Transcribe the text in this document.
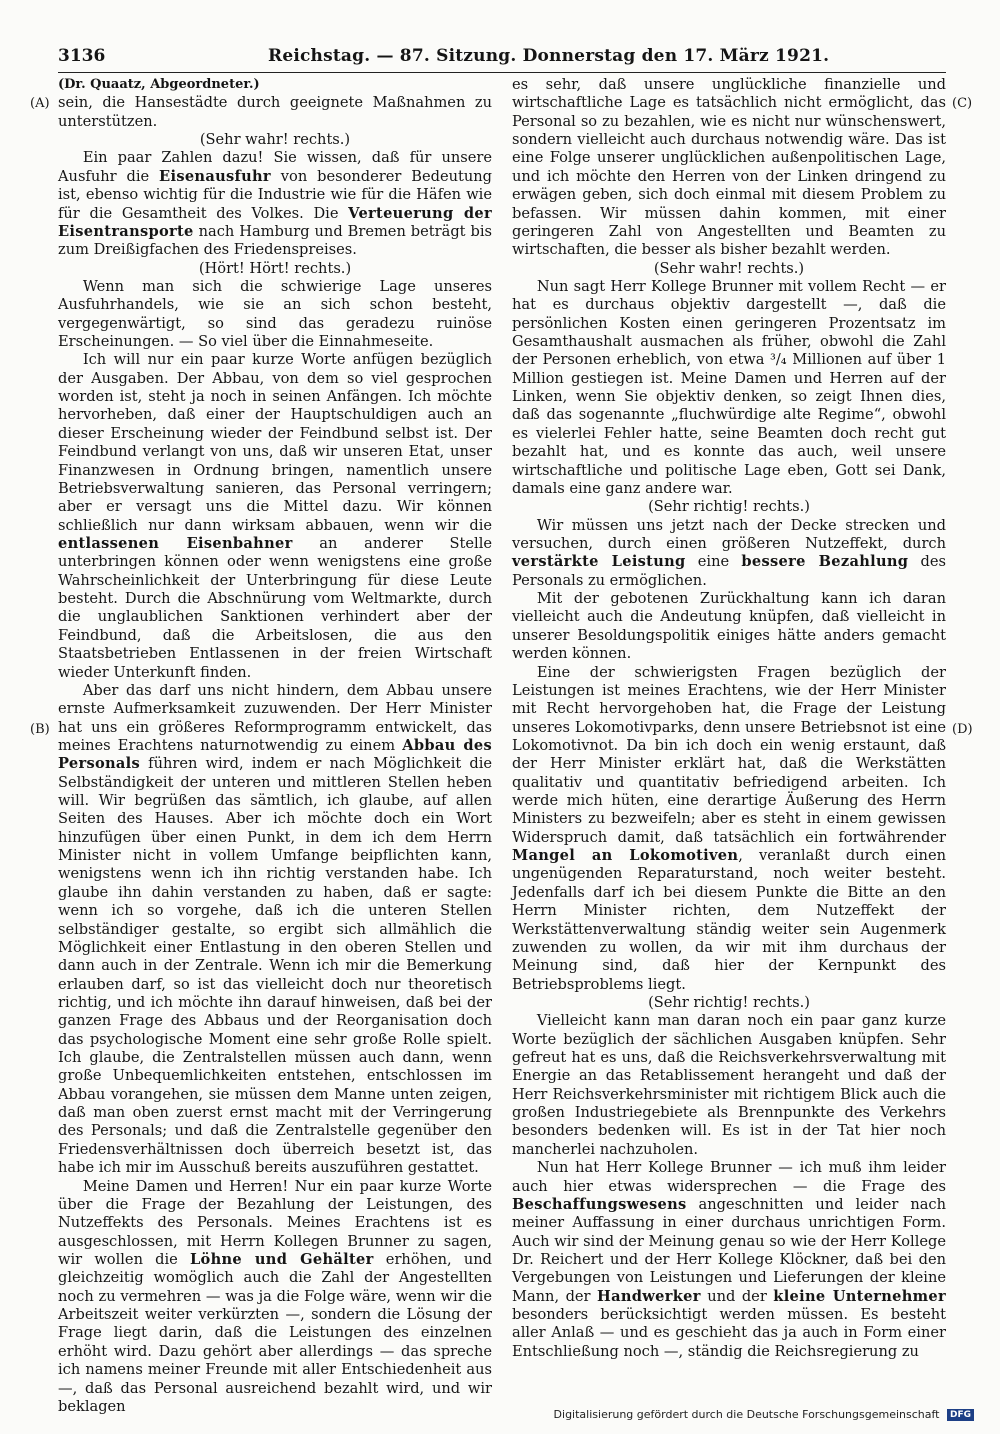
3136	Reichstag. — 87. Sitzung. Donnerstag den 17. März 1921.
(A)
(B)
(C)
(D)

(Dr. Quaatz, Abgeordneter.)

sein, die Hansestädte durch geeignete Maßnahmen zu unterstützen.

(Sehr wahr! rechts.)

Ein paar Zahlen dazu! Sie wissen, daß für unsere Ausfuhr die Eisenausfuhr von besonderer Bedeutung ist, ebenso wichtig für die Industrie wie für die Häfen wie für die Gesamtheit des Volkes. Die Verteuerung der Eisentransporte nach Hamburg und Bremen beträgt bis zum Dreißigfachen des Friedenspreises.

(Hört! Hört! rechts.)

Wenn man sich die schwierige Lage unseres Ausfuhrhandels, wie sie an sich schon besteht, vergegenwärtigt, so sind das geradezu ruinöse Erscheinungen. — So viel über die Einnahmeseite.

Ich will nur ein paar kurze Worte anfügen bezüglich der Ausgaben. Der Abbau, von dem so viel gesprochen worden ist, steht ja noch in seinen Anfängen. Ich möchte hervorheben, daß einer der Hauptschuldigen auch an dieser Erscheinung wieder der Feindbund selbst ist. Der Feindbund verlangt von uns, daß wir unseren Etat, unser Finanzwesen in Ordnung bringen, namentlich unsere Betriebsverwaltung sanieren, das Personal verringern; aber er versagt uns die Mittel dazu. Wir können schließlich nur dann wirksam abbauen, wenn wir die entlassenen Eisenbahner an anderer Stelle unterbringen können oder wenn wenigstens eine große Wahrscheinlichkeit der Unterbringung für diese Leute besteht. Durch die Abschnürung vom Weltmarkte, durch die unglaublichen Sanktionen verhindert aber der Feindbund, daß die Arbeitslosen, die aus den Staatsbetrieben Entlassenen in der freien Wirtschaft wieder Unterkunft finden.

Aber das darf uns nicht hindern, dem Abbau unsere ernste Aufmerksamkeit zuzuwenden. Der Herr Minister hat uns ein größeres Reformprogramm entwickelt, das meines Erachtens naturnotwendig zu einem Abbau des Personals führen wird, indem er nach Möglichkeit die Selbständigkeit der unteren und mittleren Stellen heben will. Wir begrüßen das sämtlich, ich glaube, auf allen Seiten des Hauses. Aber ich möchte doch ein Wort hinzufügen über einen Punkt, in dem ich dem Herrn Minister nicht in vollem Umfange beipflichten kann, wenigstens wenn ich ihn richtig verstanden habe. Ich glaube ihn dahin verstanden zu haben, daß er sagte: wenn ich so vorgehe, daß ich die unteren Stellen selbständiger gestalte, so ergibt sich allmählich die Möglichkeit einer Entlastung in den oberen Stellen und dann auch in der Zentrale. Wenn ich mir die Bemerkung erlauben darf, so ist das vielleicht doch nur theoretisch richtig, und ich möchte ihn darauf hinweisen, daß bei der ganzen Frage des Abbaus und der Reorganisation doch das psychologische Moment eine sehr große Rolle spielt. Ich glaube, die Zentralstellen müssen auch dann, wenn große Unbequemlichkeiten entstehen, entschlossen im Abbau vorangehen, sie müssen dem Manne unten zeigen, daß man oben zuerst ernst macht mit der Verringerung des Personals; und daß die Zentralstelle gegenüber den Friedensverhältnissen doch überreich besetzt ist, das habe ich mir im Ausschuß bereits auszuführen gestattet.

Meine Damen und Herren! Nur ein paar kurze Worte über die Frage der Bezahlung der Leistungen, des Nutzeffekts des Personals. Meines Erachtens ist es ausgeschlossen, mit Herrn Kollegen Brunner zu sagen, wir wollen die Löhne und Gehälter erhöhen, und gleichzeitig womöglich auch die Zahl der Angestellten noch zu vermehren — was ja die Folge wäre, wenn wir die Arbeitszeit weiter verkürzten —, sondern die Lösung der Frage liegt darin, daß die Leistungen des einzelnen erhöht wird. Dazu gehört aber allerdings — das spreche ich namens meiner Freunde mit aller Entschiedenheit aus —, daß das Personal ausreichend bezahlt wird, und wir beklagen

es sehr, daß unsere unglückliche finanzielle und wirtschaftliche Lage es tatsächlich nicht ermöglicht, das Personal so zu bezahlen, wie es nicht nur wünschenswert, sondern vielleicht auch durchaus notwendig wäre. Das ist eine Folge unserer unglücklichen außenpolitischen Lage, und ich möchte den Herren von der Linken dringend zu erwägen geben, sich doch einmal mit diesem Problem zu befassen. Wir müssen dahin kommen, mit einer geringeren Zahl von Angestellten und Beamten zu wirtschaften, die besser als bisher bezahlt werden.

(Sehr wahr! rechts.)

Nun sagt Herr Kollege Brunner mit vollem Recht — er hat es durchaus objektiv dargestellt —, daß die persönlichen Kosten einen geringeren Prozentsatz im Gesamthaushalt ausmachen als früher, obwohl die Zahl der Personen erheblich, von etwa ³/₄ Millionen auf über 1 Million gestiegen ist. Meine Damen und Herren auf der Linken, wenn Sie objektiv denken, so zeigt Ihnen dies, daß das sogenannte „fluchwürdige alte Regime“, obwohl es vielerlei Fehler hatte, seine Beamten doch recht gut bezahlt hat, und es konnte das auch, weil unsere wirtschaftliche und politische Lage eben, Gott sei Dank, damals eine ganz andere war.

(Sehr richtig! rechts.)

Wir müssen uns jetzt nach der Decke strecken und versuchen, durch einen größeren Nutzeffekt, durch verstärkte Leistung eine bessere Bezahlung des Personals zu ermöglichen.

Mit der gebotenen Zurückhaltung kann ich daran vielleicht auch die Andeutung knüpfen, daß vielleicht in unserer Besoldungspolitik einiges hätte anders gemacht werden können.

Eine der schwierigsten Fragen bezüglich der Leistungen ist meines Erachtens, wie der Herr Minister mit Recht hervorgehoben hat, die Frage der Leistung unseres Lokomotivparks, denn unsere Betriebsnot ist eine Lokomotivnot. Da bin ich doch ein wenig erstaunt, daß der Herr Minister erklärt hat, daß die Werkstätten qualitativ und quantitativ befriedigend arbeiten. Ich werde mich hüten, eine derartige Äußerung des Herrn Ministers zu bezweifeln; aber es steht in einem gewissen Widerspruch damit, daß tatsächlich ein fortwährender Mangel an Lokomotiven, veranlaßt durch einen ungenügenden Reparaturstand, noch weiter besteht. Jedenfalls darf ich bei diesem Punkte die Bitte an den Herrn Minister richten, dem Nutzeffekt der Werkstättenverwaltung ständig weiter sein Augenmerk zuwenden zu wollen, da wir mit ihm durchaus der Meinung sind, daß hier der Kernpunkt des Betriebsproblems liegt.

(Sehr richtig! rechts.)

Vielleicht kann man daran noch ein paar ganz kurze Worte bezüglich der sächlichen Ausgaben knüpfen. Sehr gefreut hat es uns, daß die Reichsverkehrsverwaltung mit Energie an das Retablissement herangeht und daß der Herr Reichsverkehrsminister mit richtigem Blick auch die großen Industriegebiete als Brennpunkte des Verkehrs besonders bedenken will. Es ist in der Tat hier noch mancherlei nachzuholen.

Nun hat Herr Kollege Brunner — ich muß ihm leider auch hier etwas widersprechen — die Frage des Beschaffungswesens angeschnitten und leider nach meiner Auffassung in einer durchaus unrichtigen Form. Auch wir sind der Meinung genau so wie der Herr Kollege Dr. Reichert und der Herr Kollege Klöckner, daß bei den Vergebungen von Leistungen und Lieferungen der kleine Mann, der Handwerker und der kleine Unternehmer besonders berücksichtigt werden müssen. Es besteht aller Anlaß — und es geschieht das ja auch in Form einer Entschließung noch —, ständig die Reichsregierung zu

Digitalisierung gefördert durch die Deutsche Forschungsgemeinschaft DFG
